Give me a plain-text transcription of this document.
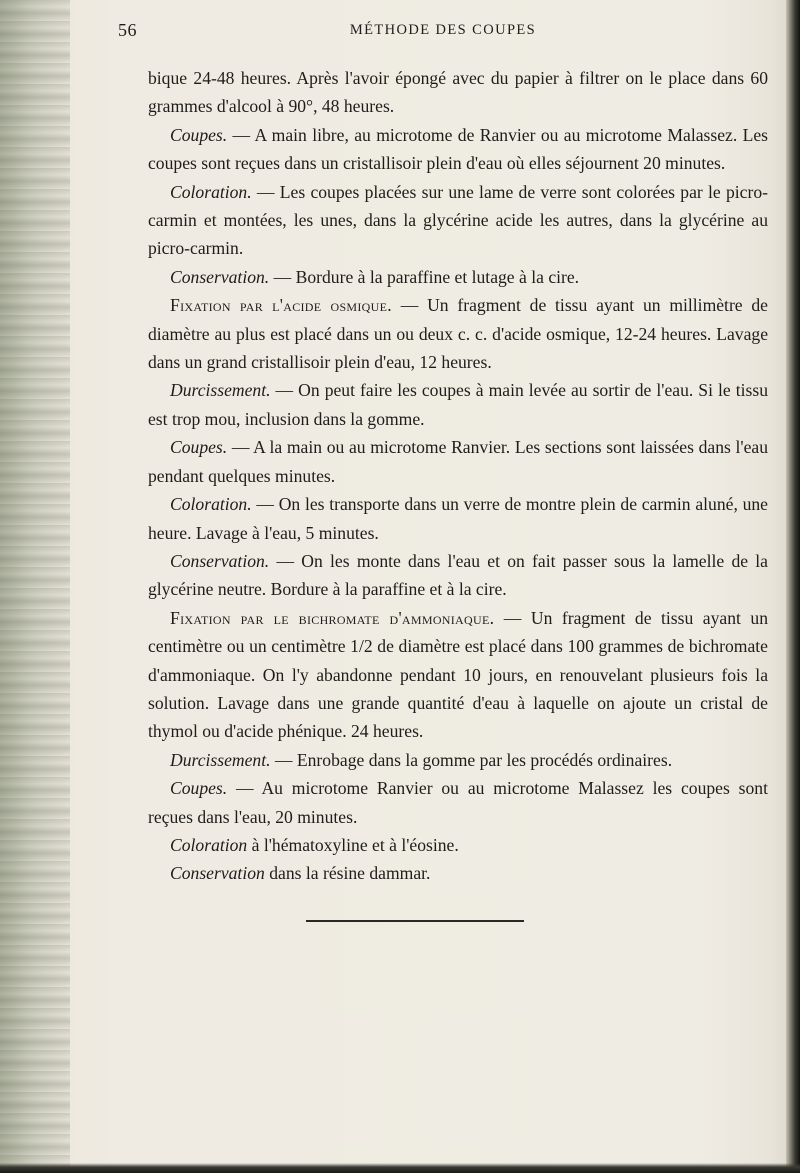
56	MÉTHODE DES COUPES

bique 24-48 heures. Après l'avoir épongé avec du papier à filtrer on le place dans 60 grammes d'alcool à 90°, 48 heures.

Coupes. — A main libre, au microtome de Ranvier ou au microtome Malassez. Les coupes sont reçues dans un cristallisoir plein d'eau où elles séjournent 20 minutes.

Coloration. — Les coupes placées sur une lame de verre sont colorées par le picro-carmin et montées, les unes, dans la glycérine acide les autres, dans la glycérine au picro-carmin.

Conservation. — Bordure à la paraffine et lutage à la cire.

Fixation par l'acide osmique. — Un fragment de tissu ayant un millimètre de diamètre au plus est placé dans un ou deux c. c. d'acide osmique, 12-24 heures. Lavage dans un grand cristallisoir plein d'eau, 12 heures.

Durcissement. — On peut faire les coupes à main levée au sortir de l'eau. Si le tissu est trop mou, inclusion dans la gomme.

Coupes. — A la main ou au microtome Ranvier. Les sections sont laissées dans l'eau pendant quelques minutes.

Coloration. — On les transporte dans un verre de montre plein de carmin aluné, une heure. Lavage à l'eau, 5 minutes.

Conservation. — On les monte dans l'eau et on fait passer sous la lamelle de la glycérine neutre. Bordure à la paraffine et à la cire.

Fixation par le bichromate d'ammoniaque. — Un fragment de tissu ayant un centimètre ou un centimètre 1/2 de diamètre est placé dans 100 grammes de bichromate d'ammoniaque. On l'y abandonne pendant 10 jours, en renouvelant plusieurs fois la solution. Lavage dans une grande quantité d'eau à laquelle on ajoute un cristal de thymol ou d'acide phénique. 24 heures.

Durcissement. — Enrobage dans la gomme par les procédés ordinaires.

Coupes. — Au microtome Ranvier ou au microtome Malassez les coupes sont reçues dans l'eau, 20 minutes.

Coloration à l'hématoxyline et à l'éosine.

Conservation dans la résine dammar.
